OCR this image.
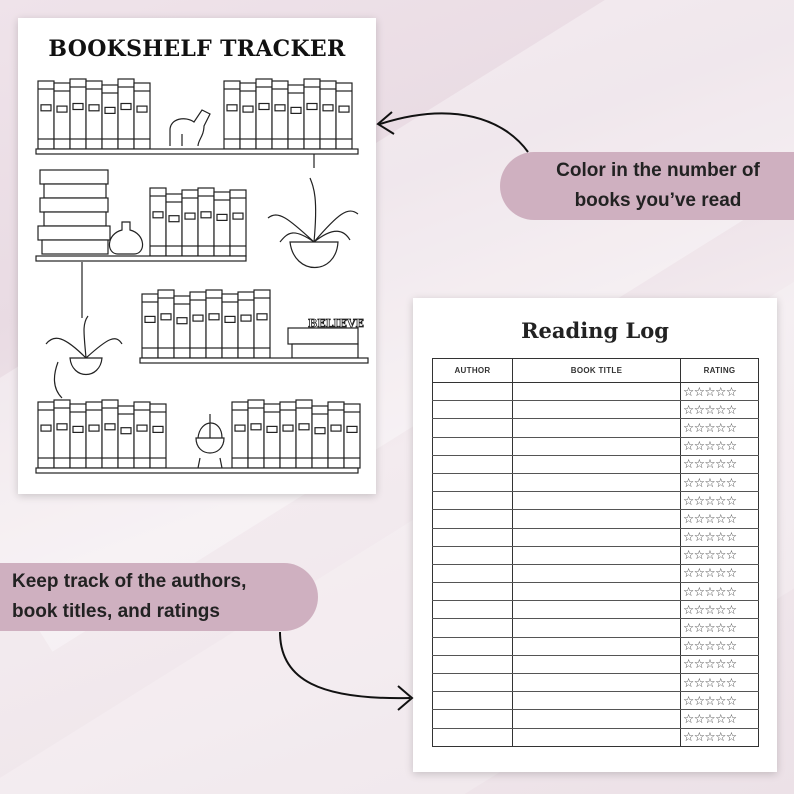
BOOKSHELF TRACKER
BELIEVE	Reading Log
AUTHOR	BOOK TITLE	RATING

		☆☆☆☆☆

		☆☆☆☆☆

		☆☆☆☆☆

		☆☆☆☆☆

		☆☆☆☆☆

		☆☆☆☆☆

		☆☆☆☆☆

		☆☆☆☆☆

		☆☆☆☆☆

		☆☆☆☆☆

		☆☆☆☆☆

		☆☆☆☆☆

		☆☆☆☆☆

		☆☆☆☆☆

		☆☆☆☆☆

		☆☆☆☆☆

		☆☆☆☆☆

		☆☆☆☆☆

		☆☆☆☆☆

		☆☆☆☆☆
Color in the number of
books you’ve read
Keep track of the authors,
book titles, and ratings
